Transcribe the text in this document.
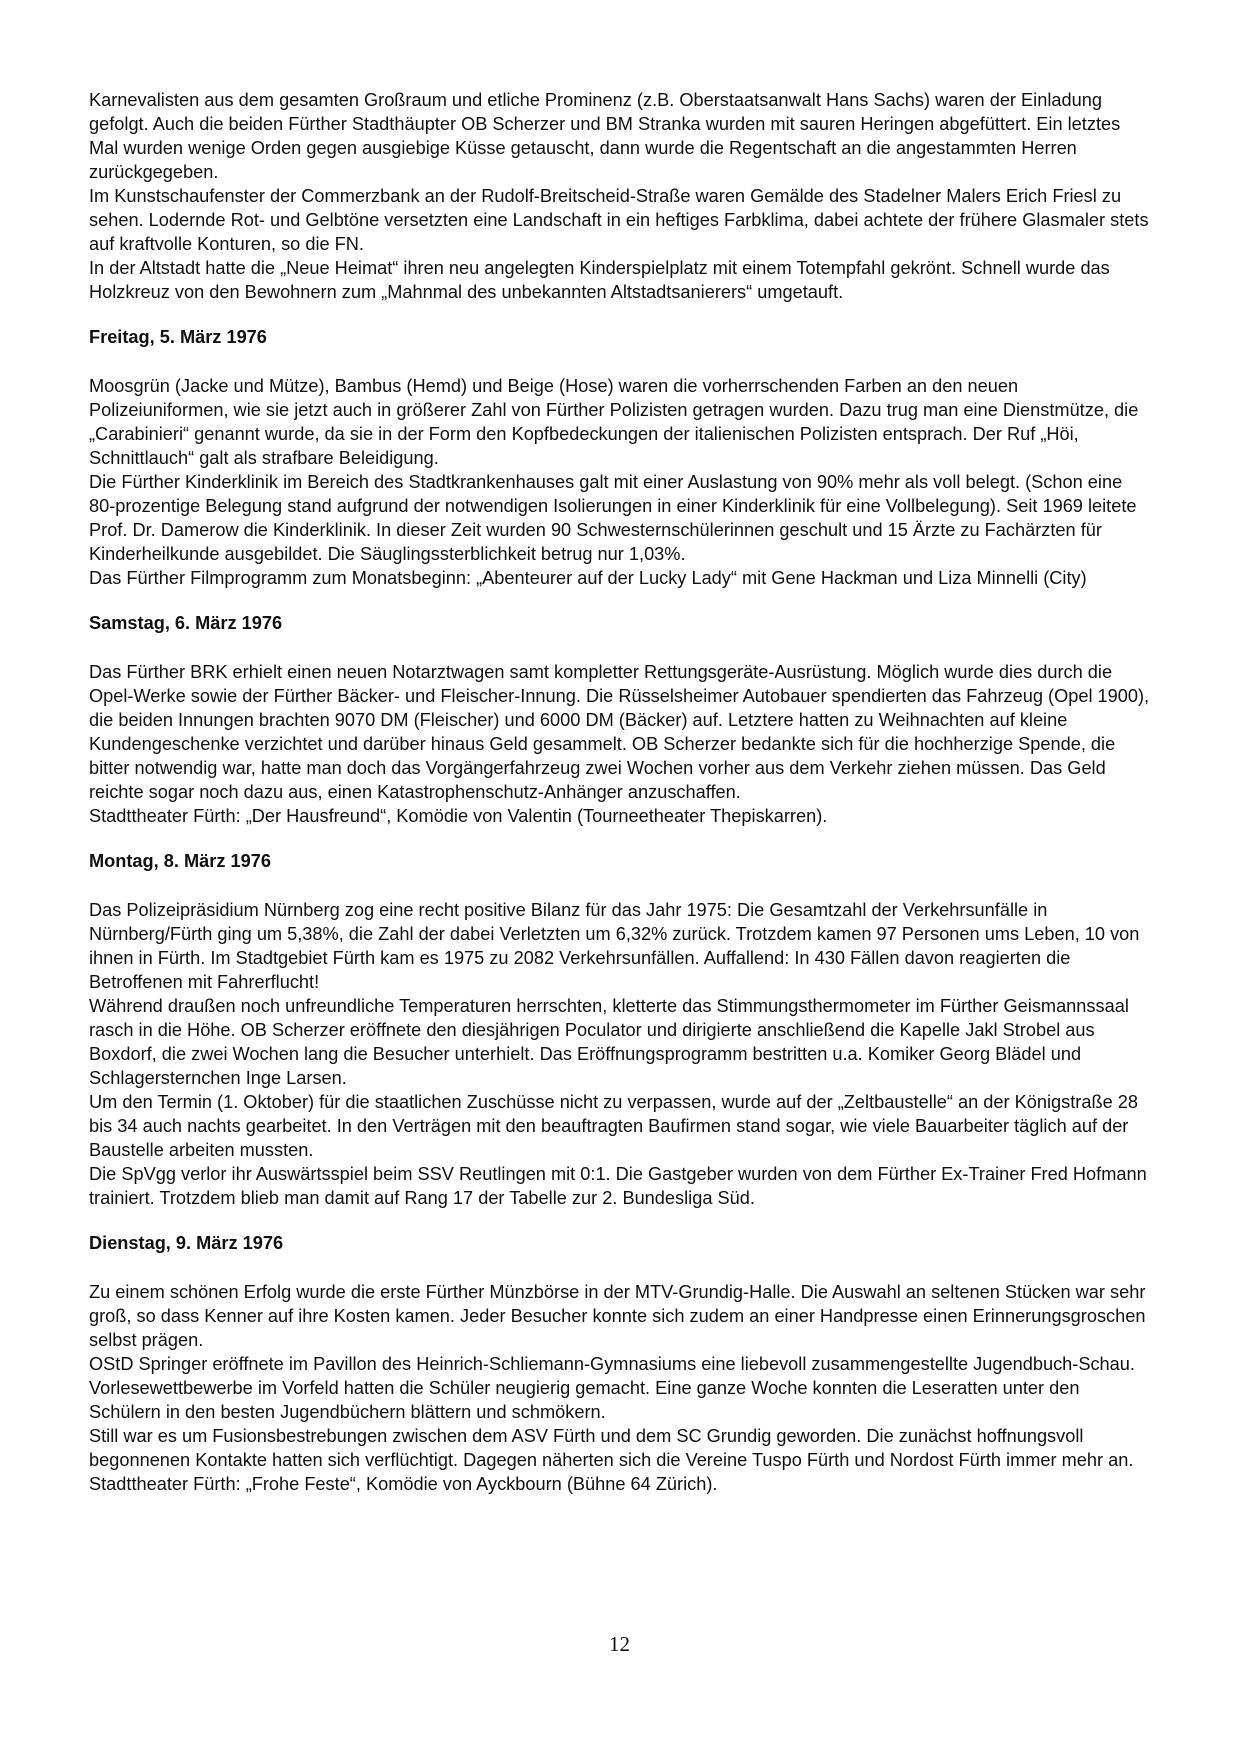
Karnevalisten aus dem gesamten Großraum und etliche Prominenz (z.B. Oberstaatsanwalt Hans Sachs) waren der Einladung gefolgt. Auch die beiden Fürther Stadthäupter OB Scherzer und BM Stranka wurden mit sauren Heringen abgefüttert. Ein letztes Mal wurden wenige Orden gegen ausgiebige Küsse getauscht, dann wurde die Regentschaft an die angestammten Herren zurückgegeben.

Im Kunstschaufenster der Commerzbank an der Rudolf-Breitscheid-Straße waren Gemälde des Stadelner Malers Erich Friesl zu sehen. Lodernde Rot- und Gelbtöne versetzten eine Landschaft in ein heftiges Farbklima, dabei achtete der frühere Glasmaler stets auf kraftvolle Konturen, so die FN.

In der Altstadt hatte die „Neue Heimat“ ihren neu angelegten Kinderspielplatz mit einem Totempfahl gekrönt. Schnell wurde das Holzkreuz von den Bewohnern zum „Mahnmal des unbekannten Altstadtsanierers“ umgetauft.

Freitag, 5. März 1976

Moosgrün (Jacke und Mütze), Bambus (Hemd) und Beige (Hose) waren die vorherrschenden Farben an den neuen Polizeiuniformen, wie sie jetzt auch in größerer Zahl von Fürther Polizisten getragen wurden. Dazu trug man eine Dienstmütze, die „Carabinieri“ genannt wurde, da sie in der Form den Kopfbedeckungen der italienischen Polizisten entsprach. Der Ruf „Höi, Schnittlauch“ galt als strafbare Beleidigung.

Die Fürther Kinderklinik im Bereich des Stadtkrankenhauses galt mit einer Auslastung von 90% mehr als voll belegt. (Schon eine 80-prozentige Belegung stand aufgrund der notwendigen Isolierungen in einer Kinderklinik für eine Vollbelegung). Seit 1969 leitete Prof. Dr. Damerow die Kinderklinik. In dieser Zeit wurden 90 Schwesternschülerinnen geschult und 15 Ärzte zu Fachärzten für Kinderheilkunde ausgebildet. Die Säuglingssterblichkeit betrug nur 1,03%.

Das Fürther Filmprogramm zum Monatsbeginn: „Abenteurer auf der Lucky Lady“ mit Gene Hackman und Liza Minnelli (City)

Samstag, 6. März 1976

Das Fürther BRK erhielt einen neuen Notarztwagen samt kompletter Rettungsgeräte-Ausrüstung. Möglich wurde dies durch die Opel-Werke sowie der Fürther Bäcker- und Fleischer-Innung. Die Rüsselsheimer Autobauer spendierten das Fahrzeug (Opel 1900), die beiden Innungen brachten 9070 DM (Fleischer) und 6000 DM (Bäcker) auf. Letztere hatten zu Weihnachten auf kleine Kundengeschenke verzichtet und darüber hinaus Geld gesammelt. OB Scherzer bedankte sich für die hochherzige Spende, die bitter notwendig war, hatte man doch das Vorgängerfahrzeug zwei Wochen vorher aus dem Verkehr ziehen müssen. Das Geld reichte sogar noch dazu aus, einen Katastrophenschutz-Anhänger anzuschaffen.

Stadttheater Fürth: „Der Hausfreund“, Komödie von Valentin (Tourneetheater Thepiskarren).

Montag, 8. März 1976

Das Polizeipräsidium Nürnberg zog eine recht positive Bilanz für das Jahr 1975: Die Gesamtzahl der Verkehrsunfälle in Nürnberg/Fürth ging um 5,38%, die Zahl der dabei Verletzten um 6,32% zurück. Trotzdem kamen 97 Personen ums Leben, 10 von ihnen in Fürth. Im Stadtgebiet Fürth kam es 1975 zu 2082 Verkehrsunfällen. Auffallend: In 430 Fällen davon reagierten die Betroffenen mit Fahrerflucht!

Während draußen noch unfreundliche Temperaturen herrschten, kletterte das Stimmungsthermometer im Fürther Geismannssaal rasch in die Höhe. OB Scherzer eröffnete den diesjährigen Poculator und dirigierte anschließend die Kapelle Jakl Strobel aus Boxdorf, die zwei Wochen lang die Besucher unterhielt. Das Eröffnungsprogramm bestritten u.a. Komiker Georg Blädel und Schlagersternchen Inge Larsen.

Um den Termin (1. Oktober) für die staatlichen Zuschüsse nicht zu verpassen, wurde auf der „Zeltbaustelle“ an der Königstraße 28 bis 34 auch nachts gearbeitet. In den Verträgen mit den beauftragten Baufirmen stand sogar, wie viele Bauarbeiter täglich auf der Baustelle arbeiten mussten.

Die SpVgg verlor ihr Auswärtsspiel beim SSV Reutlingen mit 0:1. Die Gastgeber wurden von dem Fürther Ex-Trainer Fred Hofmann trainiert. Trotzdem blieb man damit auf Rang 17 der Tabelle zur 2. Bundesliga Süd.

Dienstag, 9. März 1976

Zu einem schönen Erfolg wurde die erste Fürther Münzbörse in der MTV-Grundig-Halle. Die Auswahl an seltenen Stücken war sehr groß, so dass Kenner auf ihre Kosten kamen. Jeder Besucher konnte sich zudem an einer Handpresse einen Erinnerungsgroschen selbst prägen.

OStD Springer eröffnete im Pavillon des Heinrich-Schliemann-Gymnasiums eine liebevoll zusammengestellte Jugendbuch-Schau. Vorlesewettbewerbe im Vorfeld hatten die Schüler neugierig gemacht. Eine ganze Woche konnten die Leseratten unter den Schülern in den besten Jugendbüchern blättern und schmökern.

Still war es um Fusionsbestrebungen zwischen dem ASV Fürth und dem SC Grundig geworden. Die zunächst hoffnungsvoll begonnenen Kontakte hatten sich verflüchtigt. Dagegen näherten sich die Vereine Tuspo Fürth und Nordost Fürth immer mehr an.

Stadttheater Fürth: „Frohe Feste“, Komödie von Ayckbourn (Bühne 64 Zürich).

12
